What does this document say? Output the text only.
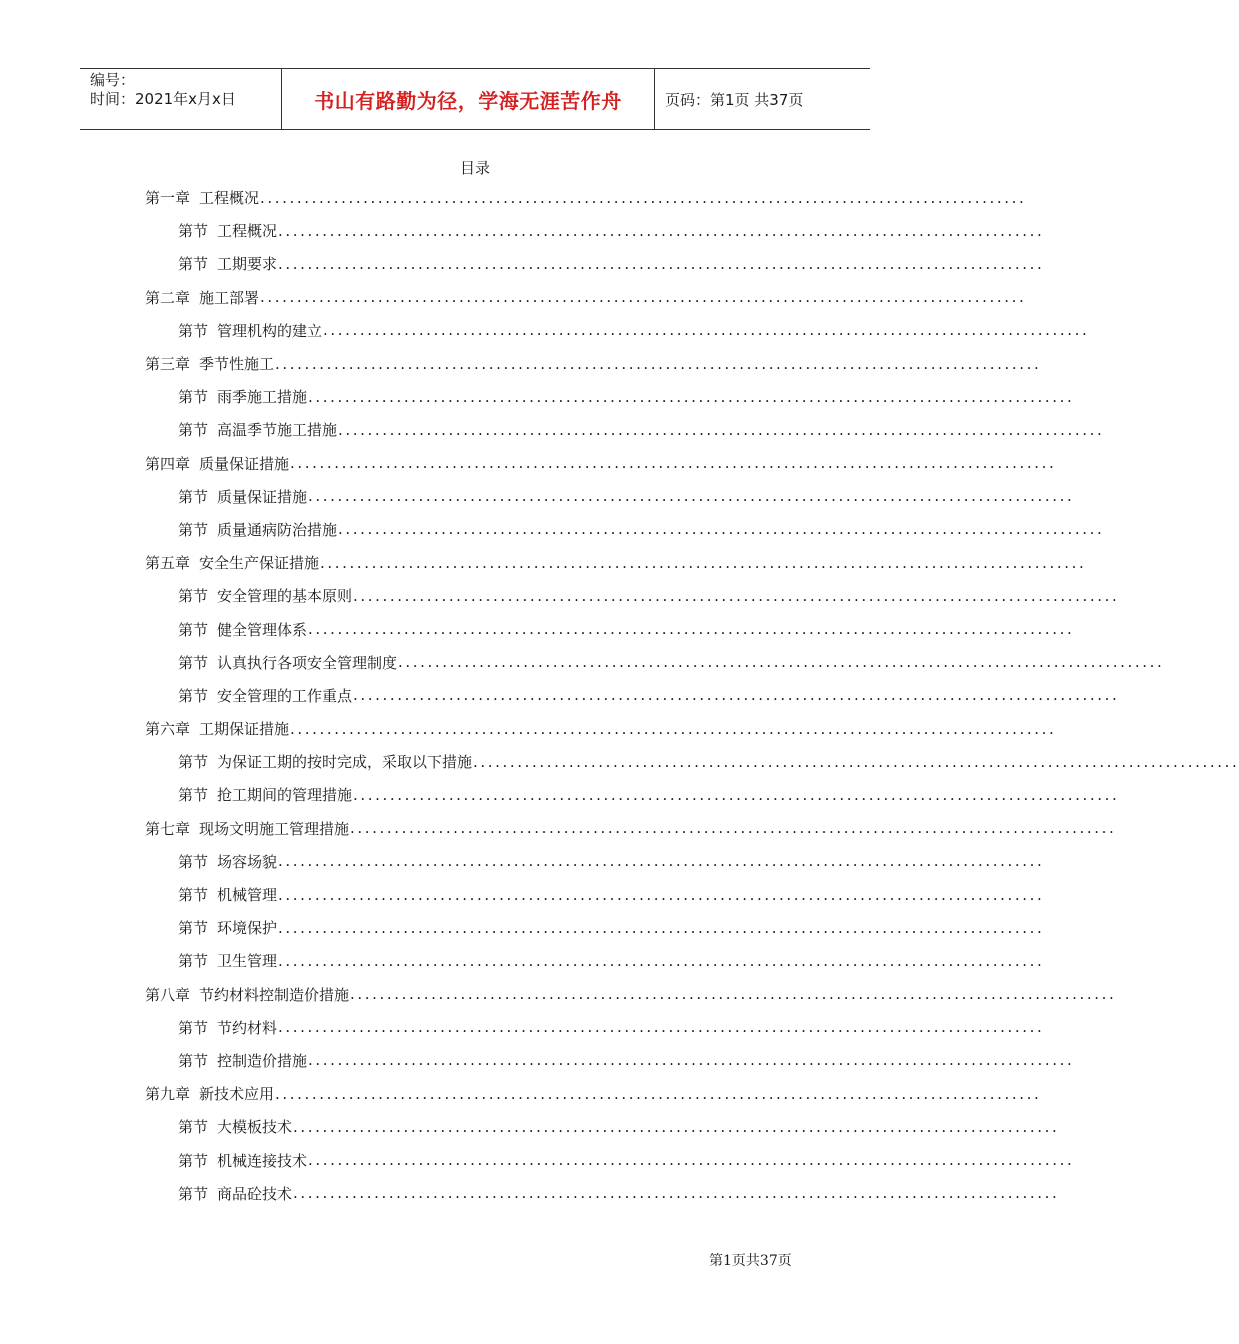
编号：
时间：2021年x月x日	书山有路勤为径，学海无涯苦作舟	页码：第1页 共37页
目录
第一章 工程概况 ........................................................................................................
第节 工程概况 ........................................................................................................
第节 工期要求 ........................................................................................................
第二章 施工部署 ........................................................................................................
第节 管理机构的建立 ........................................................................................................
第三章 季节性施工 ........................................................................................................
第节 雨季施工措施 ........................................................................................................
第节 高温季节施工措施 ........................................................................................................
第四章 质量保证措施 ........................................................................................................
第节 质量保证措施 ........................................................................................................
第节 质量通病防治措施 ........................................................................................................
第五章 安全生产保证措施 ........................................................................................................
第节 安全管理的基本原则 ........................................................................................................
第节 健全管理体系 ........................................................................................................
第节 认真执行各项安全管理制度 ........................................................................................................
第节 安全管理的工作重点 ........................................................................................................
第六章 工期保证措施 ........................................................................................................
第节 为保证工期的按时完成，采取以下措施 ........................................................................................................
第节 抢工期间的管理措施 ........................................................................................................
第七章 现场文明施工管理措施 ........................................................................................................
第节 场容场貌 ........................................................................................................
第节 机械管理 ........................................................................................................
第节 环境保护 ........................................................................................................
第节 卫生管理 ........................................................................................................
第八章 节约材料控制造价措施 ........................................................................................................
第节 节约材料 ........................................................................................................
第节 控制造价措施 ........................................................................................................
第九章 新技术应用 ........................................................................................................
第节 大模板技术 ........................................................................................................
第节 机械连接技术 ........................................................................................................
第节 商品砼技术 ........................................................................................................
第1页共37页
